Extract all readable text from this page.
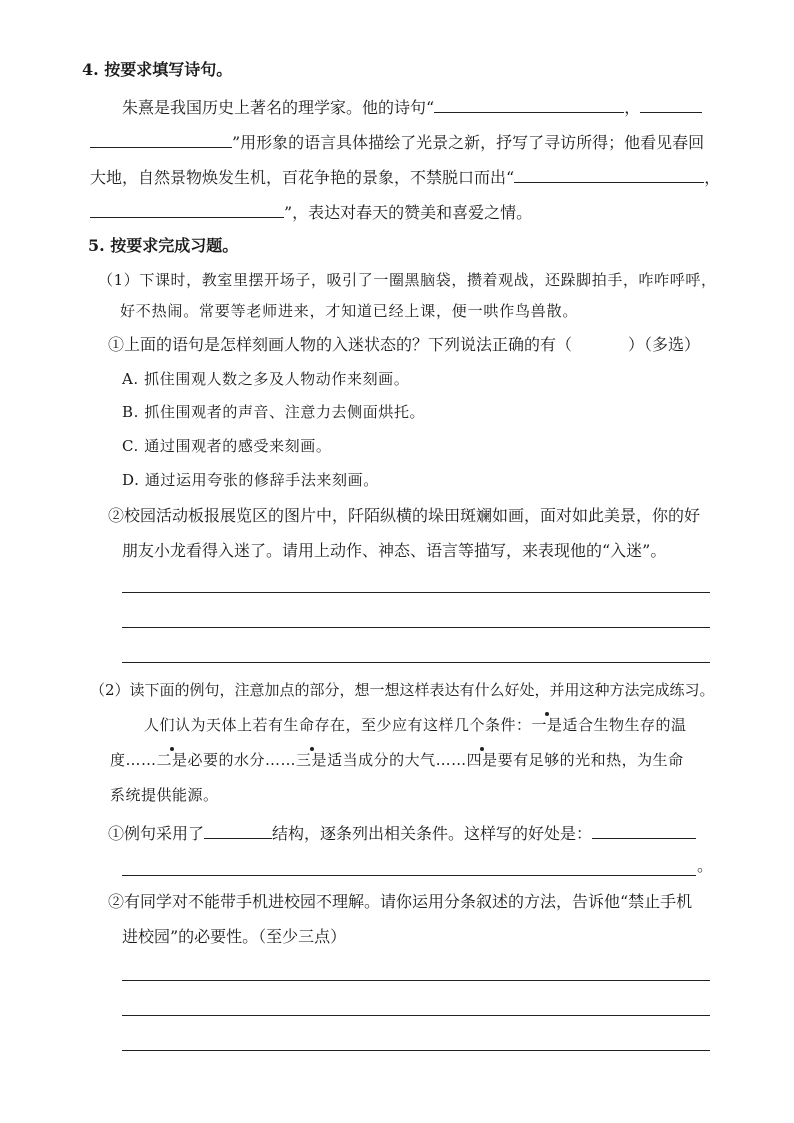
4. 按要求填写诗句。
朱熹是我国历史上著名的理学家。他的诗句“	，
”用形象的语言具体描绘了光景之新，抒写了寻访所得；他看见春回
大地，自然景物焕发生机，百花争艳的景象，不禁脱口而出“	，
”，表达对春天的赞美和喜爱之情。
5. 按要求完成习题。
（1）下课时，教室里摆开场子，吸引了一圈黑脑袋，攒着观战，还跺脚拍手，咋咋呼呼，
好不热闹。常要等老师进来，才知道已经上课，便一哄作鸟兽散。
①上面的语句是怎样刻画人物的入迷状态的？下列说法正确的有（	）（多选）
A. 抓住围观人数之多及人物动作来刻画。
B. 抓住围观者的声音、注意力去侧面烘托。
C. 通过围观者的感受来刻画。
D. 通过运用夸张的修辞手法来刻画。
②校园活动板报展览区的图片中，阡陌纵横的垛田斑斓如画，面对如此美景，你的好
朋友小龙看得入迷了。请用上动作、神态、语言等描写，来表现他的“入迷”。
（2）读下面的例句，注意加点的部分，想一想这样表达有什么好处，并用这种方法完成练习。
人们认为天体上若有生命存在，至少应有这样几个条件：一是适合生物生存的温
度……二是必要的水分……三是适当成分的大气……四是要有足够的光和热，为生命
系统提供能源。
①例句采用了	结构，逐条列出相关条件。这样写的好处是：
。
②有同学对不能带手机进校园不理解。请你运用分条叙述的方法，告诉他“禁止手机
进校园”的必要性。（至少三点）
